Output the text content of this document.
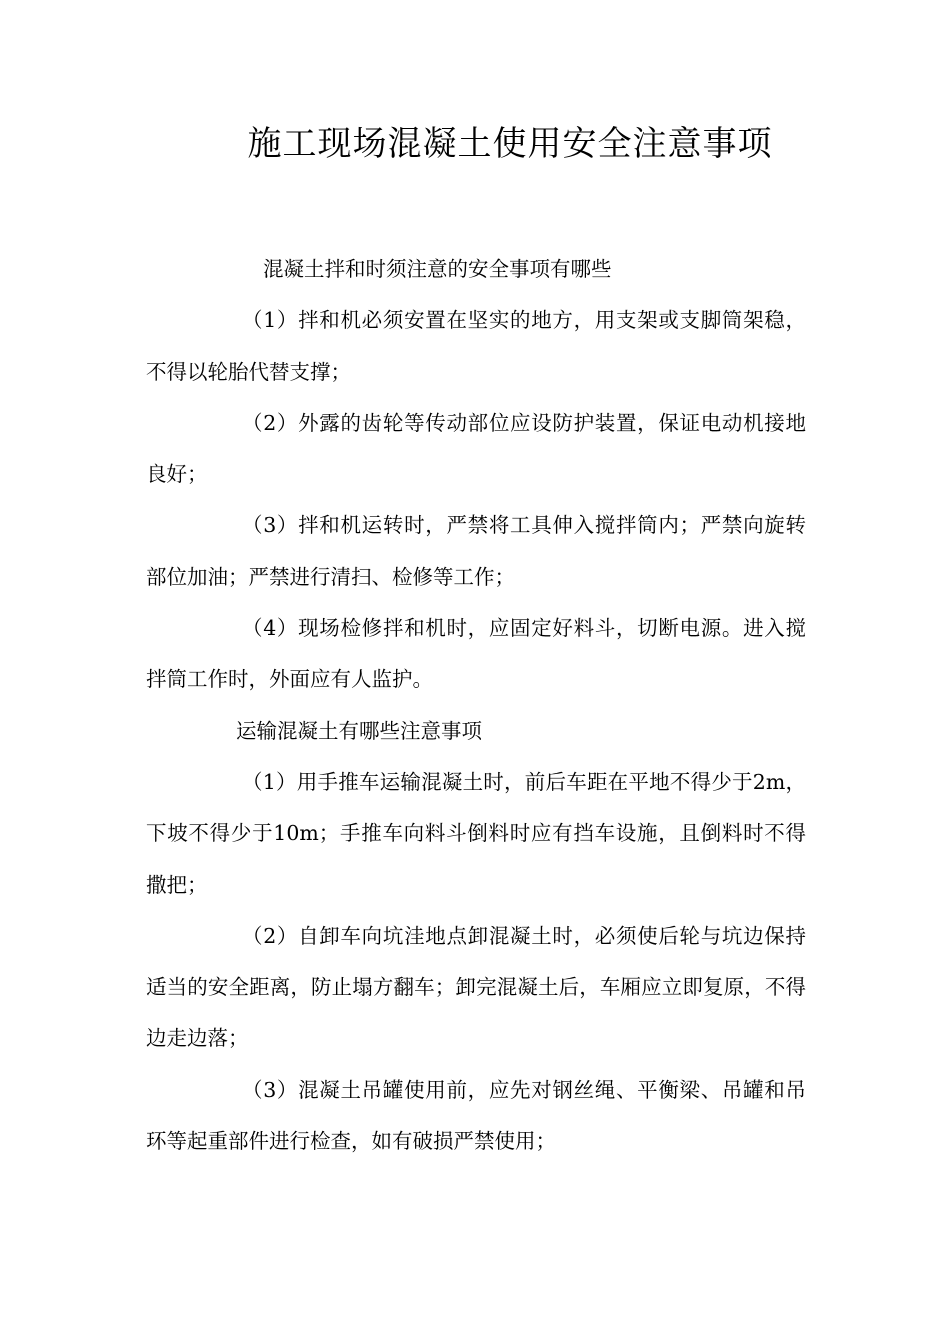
施工现场混凝土使用安全注意事项

混凝土拌和时须注意的安全事项有哪些

（1）拌和机必须安置在坚实的地方，用支架或支脚筒架稳，不得以轮胎代替支撑；

（2）外露的齿轮等传动部位应设防护装置，保证电动机接地良好；

（3）拌和机运转时，严禁将工具伸入搅拌筒内；严禁向旋转部位加油；严禁进行清扫、检修等工作；

（4）现场检修拌和机时，应固定好料斗，切断电源。进入搅拌筒工作时，外面应有人监护。

运输混凝土有哪些注意事项

（1）用手推车运输混凝土时，前后车距在平地不得少于2m，下坡不得少于10m；手推车向料斗倒料时应有挡车设施，且倒料时不得撒把；

（2）自卸车向坑洼地点卸混凝土时，必须使后轮与坑边保持适当的安全距离，防止塌方翻车；卸完混凝土后，车厢应立即复原，不得边走边落；

（3）混凝土吊罐使用前，应先对钢丝绳、平衡梁、吊罐和吊环等起重部件进行检查，如有破损严禁使用；
